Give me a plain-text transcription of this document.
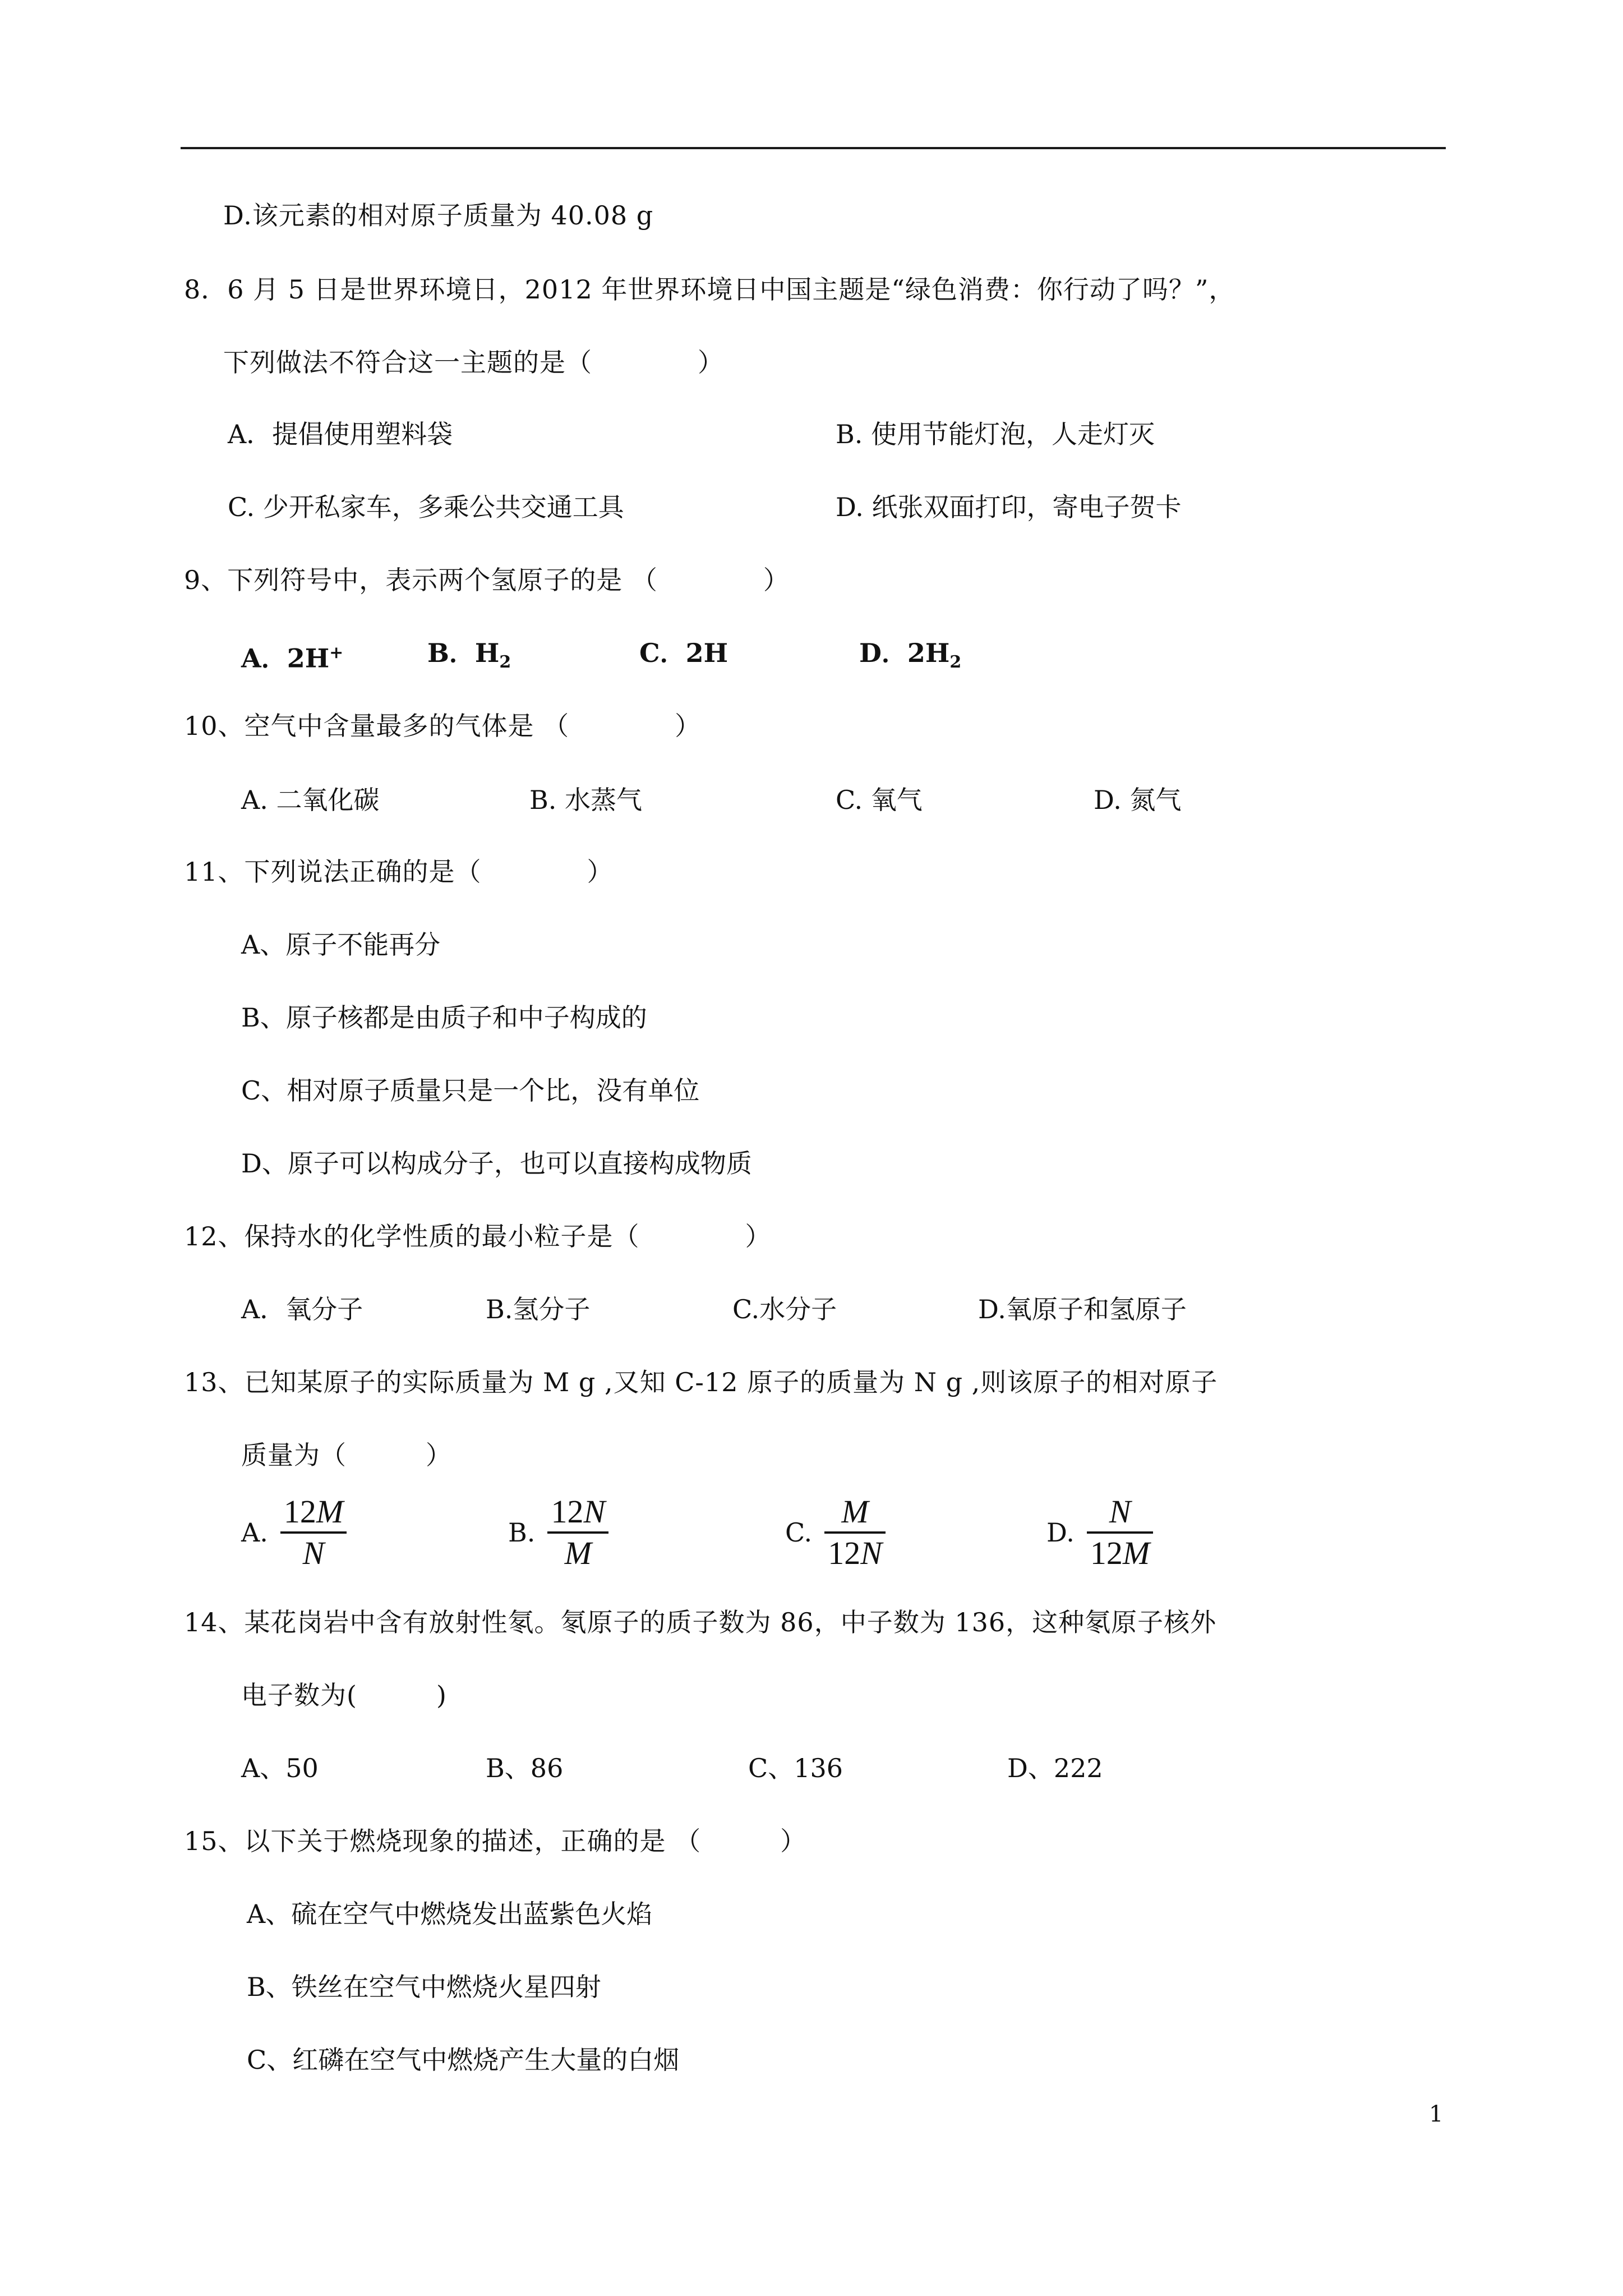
D.该元素的相对原子质量为 40.08 g
8．6 月 5 日是世界环境日，2012 年世界环境日中国主题是“绿色消费：你行动了吗？”，
下列做法不符合这一主题的是（　　　　）
A．提倡使用塑料袋	B. 使用节能灯泡，人走灯灭
C. 少开私家车，多乘公共交通工具	D. 纸张双面打印，寄电子贺卡
9、下列符号中，表示两个氢原子的是 （　　　　）
A．2H+	B．$H_2$	C．2H	D．$2H_2$
10、空气中含量最多的气体是 （　　　　）
A. 二氧化碳	B. 水蒸气	C. 氧气	D. 氮气
11、下列说法正确的是（　　　　）
A、原子不能再分
B、原子核都是由质子和中子构成的
C、相对原子质量只是一个比，没有单位
D、原子可以构成分子，也可以直接构成物质
12、保持水的化学性质的最小粒子是（　　　　）
A．氧分子	B.氢分子	C.水分子	D.氧原子和氢原子
13、已知某原子的实际质量为 M g ,又知 C-12 原子的质量为 N g ,则该原子的相对原子
质量为（　　　）
A. $\frac{12M}{N}$	B. $\frac{12N}{M}$	C. $\frac{M}{12N}$	D. $\frac{N}{12M}$
14、某花岗岩中含有放射性氡。氡原子的质子数为 86，中子数为 136，这种氡原子核外
电子数为(　　　)
A、50	B、86	C、136	D、222
15、以下关于燃烧现象的描述，正确的是 （　　　）
A、硫在空气中燃烧发出蓝紫色火焰
B、铁丝在空气中燃烧火星四射
C、红磷在空气中燃烧产生大量的白烟
1
